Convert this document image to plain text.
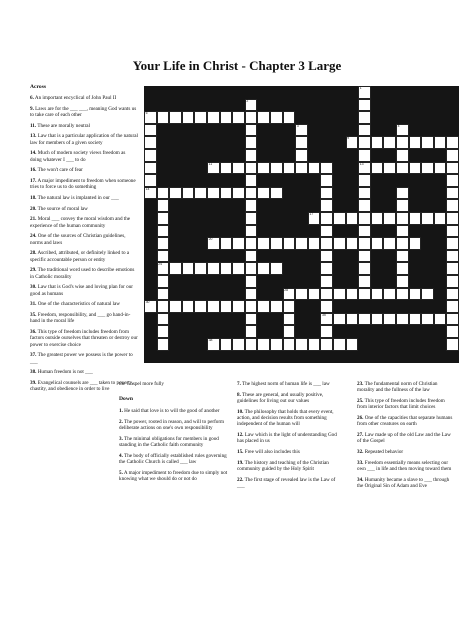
Your Life in Christ - Chapter 3 Large
Across
6. An important encyclical of John Paul II
9. Laws are for the ___ ___, meaning God wants us to take care of each other
11. These are morally neutral
13. Law that is a particular application of the natural law for members of a given society
14. Much of modern society views freedom as doing whatever I ___ to do
16. The won't care of fear
17. A major impediment to freedom when someone tries to force us to do something
18. The natural law is implanted in our ___
20. The source of moral law
21. Moral ___ convey the moral wisdom and the experience of the human community
24. One of the sources of Christian guidelines, norms and laws
28. Ascribed, attributed, or definitely linked to a specific accountable person or entity
29. The traditional word used to describe emotions in Catholic morality
30. Law that is God's wise and loving plan for our good as humans
31. One of the characteristics of natural law
35. Freedom, responsibility, and ___ go hand-in-hand in the moral life
36. This type of freedom includes freedom from factors outside ourselves that threaten or destroy our power to exercise choice
37. The greatest power we possess is the power to ___
38. Human freedom is not ___
39. Evangelical counsels are ___ taken to poverty, chastity, and obedience in order to live
the Gospel more fully
Down
1. He said that love is to will the good of another
2. The power, rooted in reason, and will to perform deliberate actions on one's own responsibility
3. The minimal obligations for members in good standing in the Catholic faith community
4. The body of officially established rules governing the Catholic Church is called ___ law
5. A major impediment to freedom due to simply not knowing what we should do or not do
7. The highest norm of human life is ___ law
8. These are general, and usually positive, guidelines for living out our values
10. The philosophy that holds that every event, action, and decision results from something independent of the human will
12. Law which is the light of understanding God has placed in us
15. Free will also includes this
19. The history and teaching of the Christian community guided by the Holy Spirit
22. The first stage of revealed law is the Law of ___
23. The fundamental norm of Christian morality and the fullness of the law
25. This type of freedom includes freedom from interior factors that limit choices
26. One of the capacities that separate humans from other creatures on earth
27. Law made up of the old Law and the Law of the Gospel
32. Repeated behavior
33. Freedom essentially means selecting our own ___ in life and then moving toward them
34. Humanity became a slave to ___ through the Original Sin of Adam and Eve
1
2
6
3	4
9
11	13
14
17
20
24
28
30
35
38
